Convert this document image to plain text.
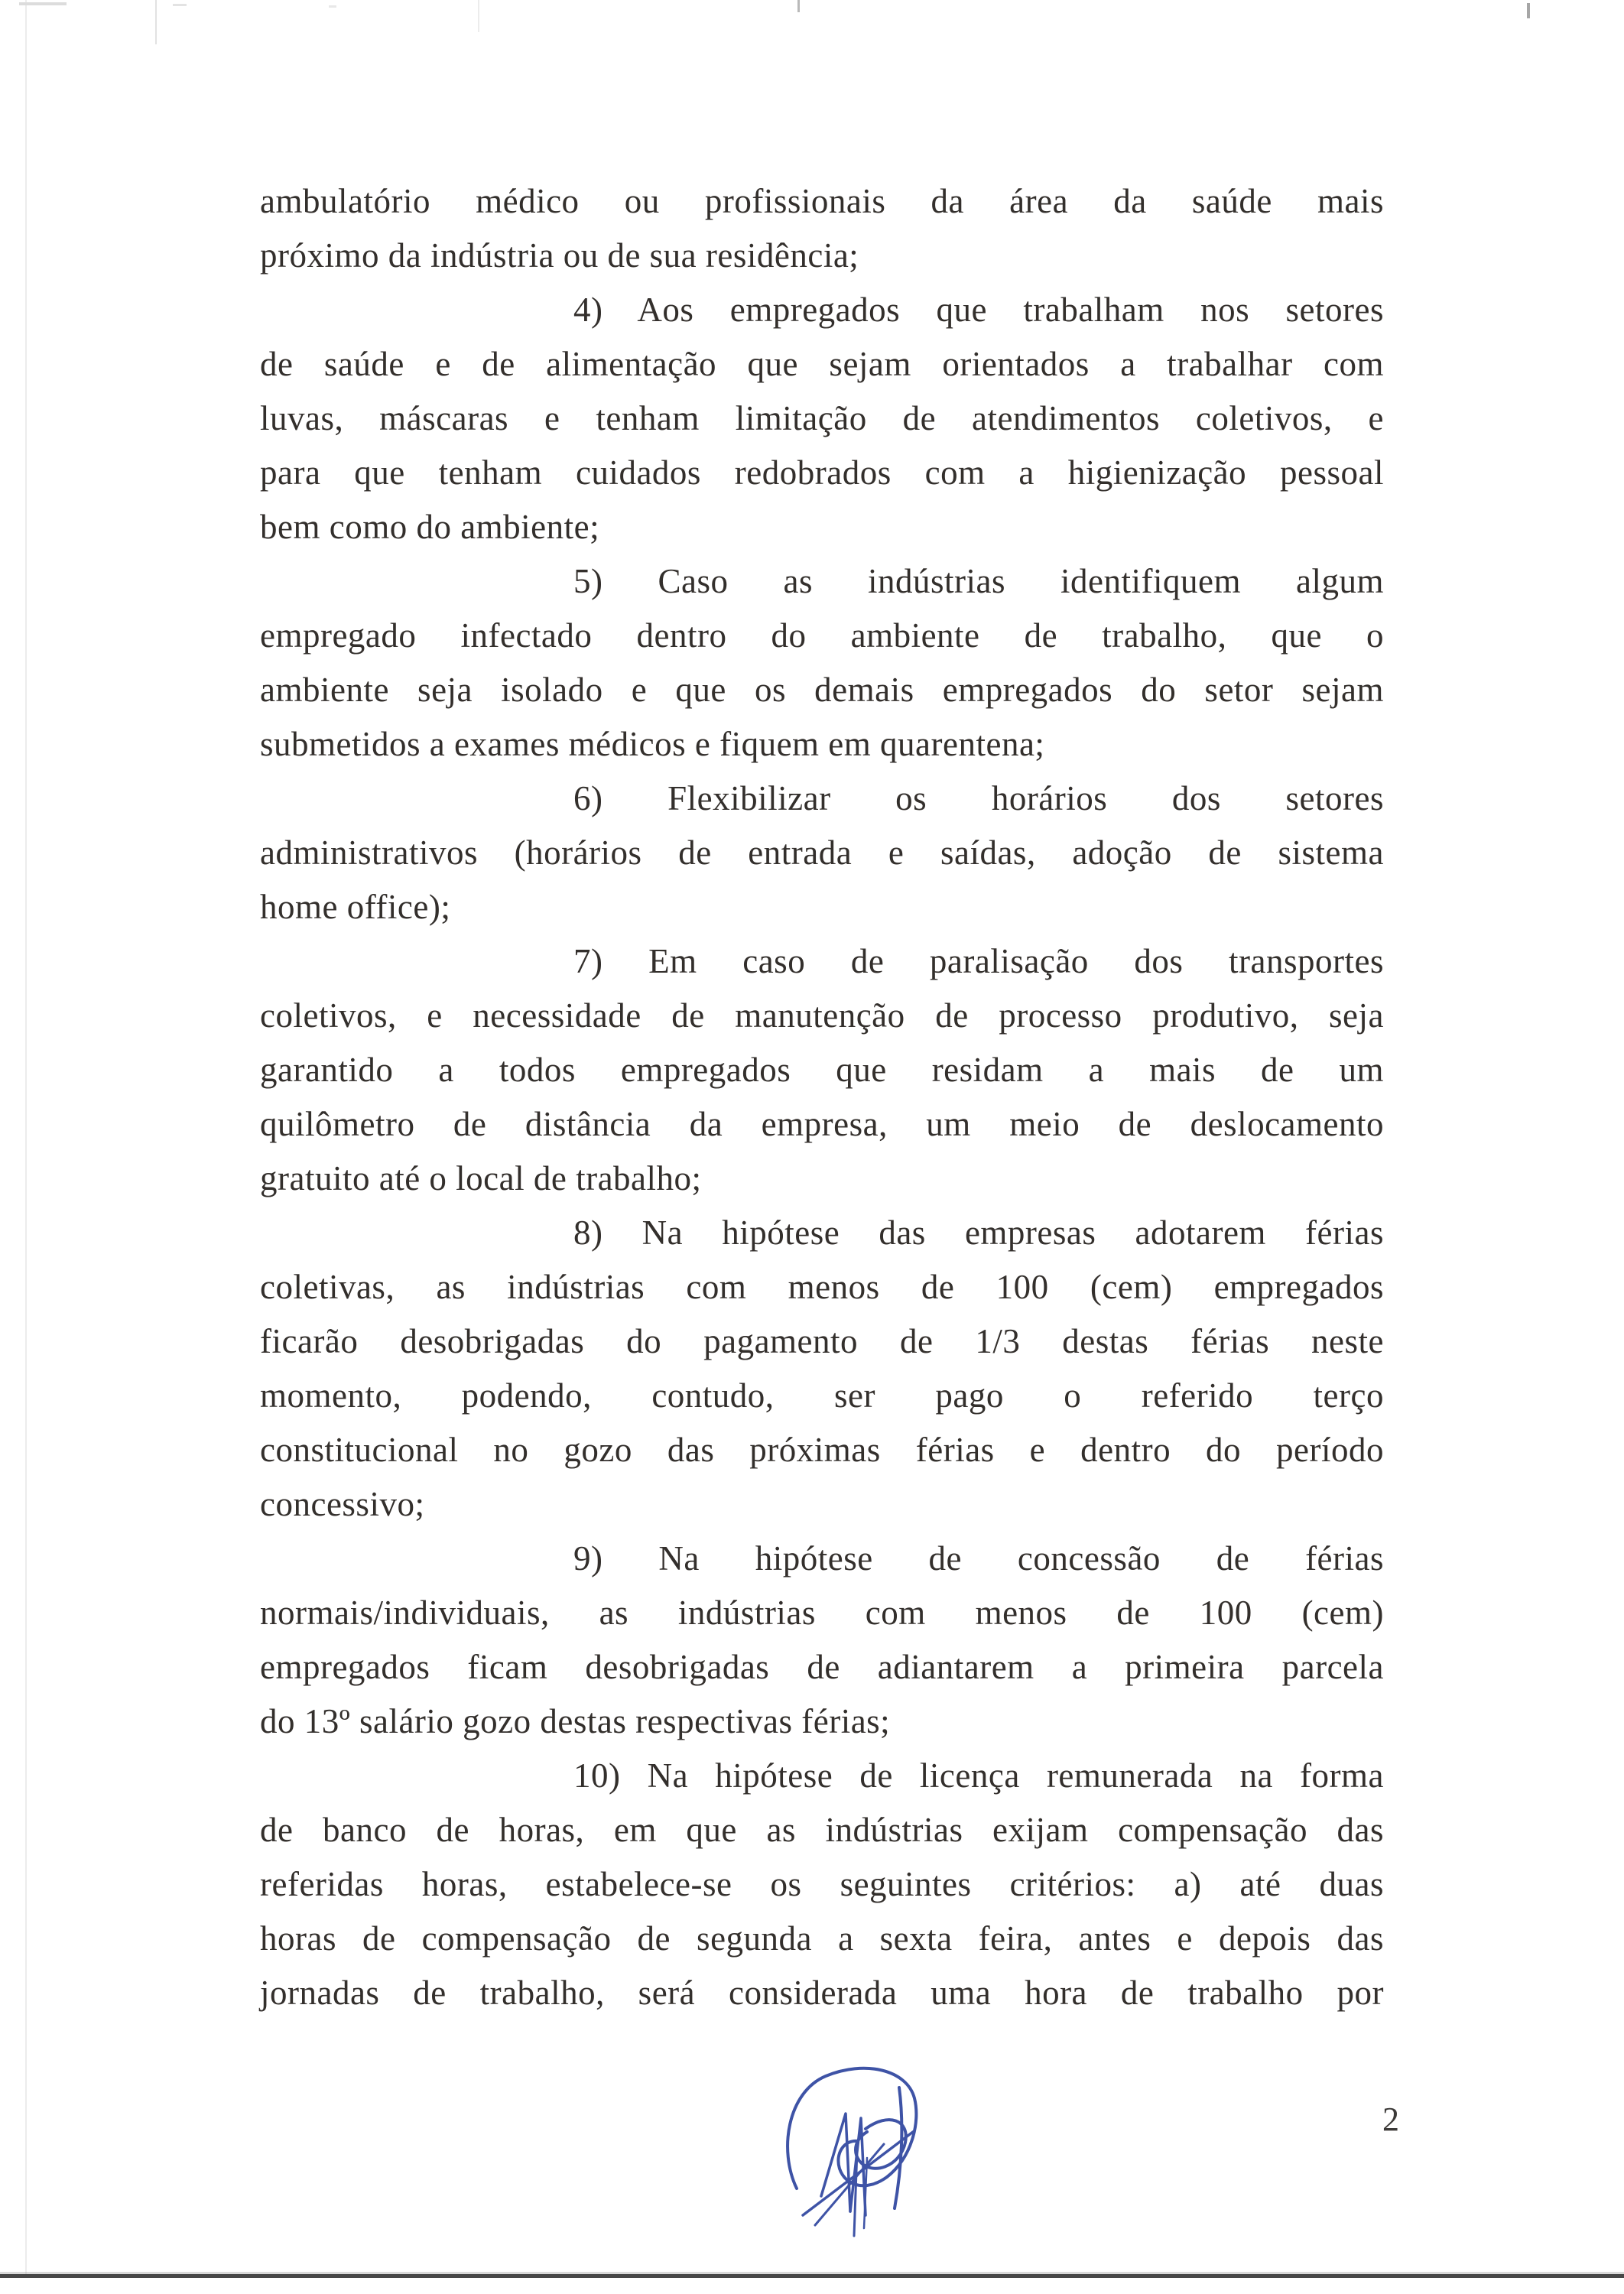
ambulatório médico ou profissionais da área da saúde mais
próximo da indústria ou de sua residência;

4) Aos empregados que trabalham nos setores
de saúde e de alimentação que sejam orientados a trabalhar com
luvas, máscaras e tenham limitação de atendimentos coletivos, e
para que tenham cuidados redobrados com a higienização pessoal
bem como do ambiente;

5) Caso as indústrias identifiquem algum
empregado infectado dentro do ambiente de trabalho, que o
ambiente seja isolado e que os demais empregados do setor sejam
submetidos a exames médicos e fiquem em quarentena;

6) Flexibilizar os horários dos setores
administrativos (horários de entrada e saídas, adoção de sistema
home office);

7) Em caso de paralisação dos transportes
coletivos, e necessidade de manutenção de processo produtivo, seja
garantido a todos empregados que residam a mais de um
quilômetro de distância da empresa, um meio de deslocamento
gratuito até o local de trabalho;

8) Na hipótese das empresas adotarem férias
coletivas, as indústrias com menos de 100 (cem) empregados
ficarão desobrigadas do pagamento de 1/3 destas férias neste
momento, podendo, contudo, ser pago o referido terço
constitucional no gozo das próximas férias e dentro do período
concessivo;

9) Na hipótese de concessão de férias
normais/individuais, as indústrias com menos de 100 (cem)
empregados ficam desobrigadas de adiantarem a primeira parcela
do 13º salário gozo destas respectivas férias;

10) Na hipótese de licença remunerada na forma
de banco de horas, em que as indústrias exijam compensação das
referidas horas, estabelece-se os seguintes critérios: a) até duas
horas de compensação de segunda a sexta feira, antes e depois das
jornadas de trabalho, será considerada uma hora de trabalho por

2
